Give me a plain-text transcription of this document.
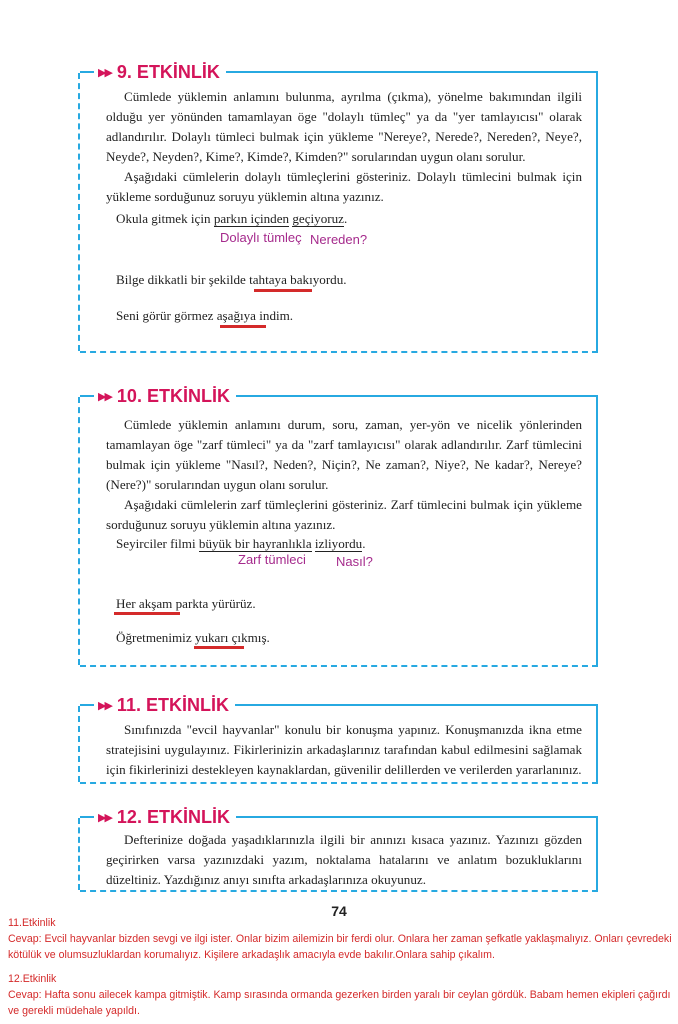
▶▶ 9. ETKİNLİK
Cümlede yüklemin anlamını bulunma, ayrılma (çıkma), yönelme bakımından ilgili olduğu yer yönünden tamamlayan öge "dolaylı tümleç" ya da "yer tamlayıcısı" olarak adlandırılır. Dolaylı tümleci bulmak için yükleme "Nereye?, Nerede?, Nereden?, Neye?, Neyde?, Neyden?, Kime?, Kimde?, Kimden?" sorularından uygun olanı sorulur.
Aşağıdaki cümlelerin dolaylı tümleçlerini gösteriniz. Dolaylı tümlecini bulmak için yükleme sorduğunuz soruyu yüklemin altına yazınız.
Okula gitmek için parkın içinden geçiyoruz.
Dolaylı tümleç Nereden?
Bilge dikkatli bir şekilde tahtaya bakıyordu.
Seni görür görmez aşağıya indim.
▶▶ 10. ETKİNLİK
Cümlede yüklemin anlamını durum, soru, zaman, yer-yön ve nicelik yönlerinden tamamlayan öge "zarf tümleci" ya da "zarf tamlayıcısı" olarak adlandırılır. Zarf tümlecini bulmak için yükleme "Nasıl?, Neden?, Niçin?, Ne zaman?, Niye?, Ne kadar?, Nereye? (Nere?)" sorularından uygun olanı sorulur.
Aşağıdaki cümlelerin zarf tümleçlerini gösteriniz. Zarf tümlecini bulmak için yükleme sorduğunuz soruyu yüklemin altına yazınız.
Seyirciler filmi büyük bir hayranlıkla izliyordu.
Zarf tümleci Nasıl?
Her akşam parkta yürürüz.
Öğretmenimiz yukarı çıkmış.
▶▶ 11. ETKİNLİK
Sınıfınızda "evcil hayvanlar" konulu bir konuşma yapınız. Konuşmanızda ikna etme stratejisini uygulayınız. Fikirlerinizin arkadaşlarınız tarafından kabul edilmesini sağlamak için fikirlerinizi destekleyen kaynaklardan, güvenilir delillerden ve verilerden yararlanınız.
▶▶ 12. ETKİNLİK
Defterinize doğada yaşadıklarınızla ilgili bir anınızı kısaca yazınız. Yazınızı gözden geçirirken varsa yazınızdaki yazım, noktalama hatalarını ve anlatım bozukluklarını düzeltiniz. Yazdığınız anıyı sınıfta arkadaşlarınıza okuyunuz.
74
11.Etkinlik
Cevap: Evcil hayvanlar bizden sevgi ve ilgi ister. Onlar bizim ailemizin bir ferdi olur. Onlara her zaman şefkatle yaklaşmalıyız. Onları çevredeki kötülük ve olumsuzluklardan korumalıyız. Kişilere arkadaşlık amacıyla evde bakılır.Onlara sahip çıkalım.
12.Etkinlik
Cevap: Hafta sonu ailecek kampa gitmiştik. Kamp sırasında ormanda gezerken birden yaralı bir ceylan gördük. Babam hemen ekipleri çağırdı ve gerekli müdehale yapıldı.
